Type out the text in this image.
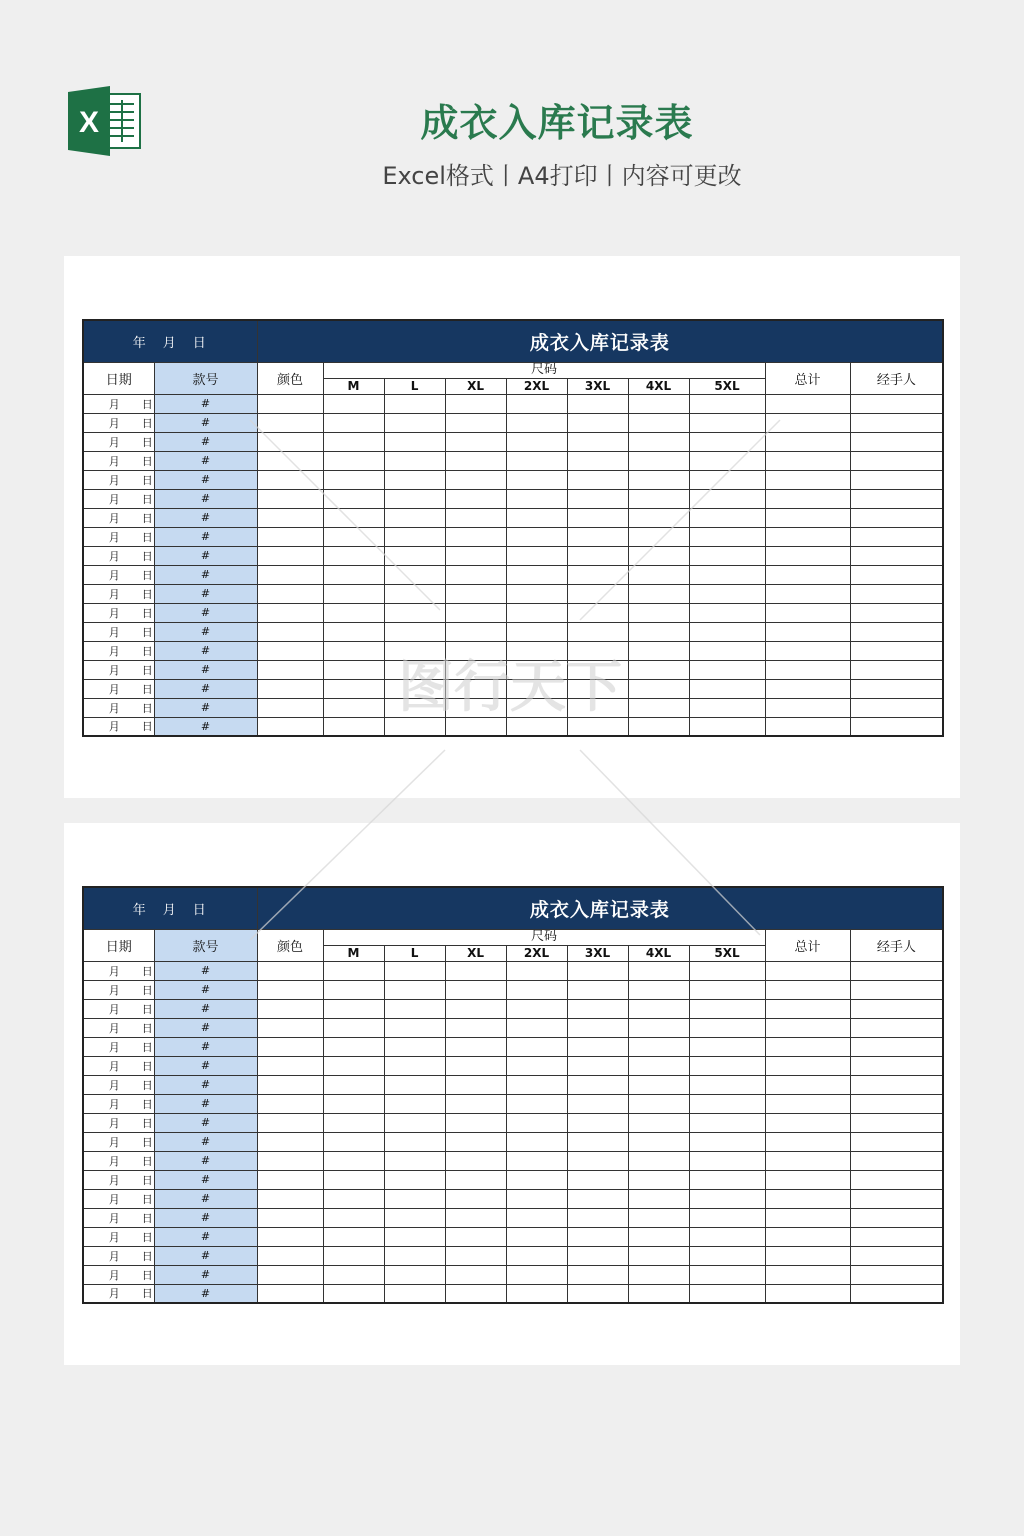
X	成衣入库记录表
Excel格式丨A4打印丨内容可更改
年　月　日		成衣入库记录表									
日期	款号	颜色	尺码							总计	经手人
			M	L	XL	2XL	3XL	4XL	5XL		
月 日	#										
月 日	#										
月 日	#										
月 日	#										
月 日	#										
月 日	#										
月 日	#										
月 日	#										
月 日	#										
月 日	#										
月 日	#										
月 日	#										
月 日	#										
月 日	#										
月 日	#										
月 日	#										
月 日	#										
月 日	#										
年　月　日		成衣入库记录表									
日期	款号	颜色	尺码							总计	经手人
			M	L	XL	2XL	3XL	4XL	5XL		
月 日	#										
月 日	#										
月 日	#										
月 日	#										
月 日	#										
月 日	#										
月 日	#										
月 日	#										
月 日	#										
月 日	#										
月 日	#										
月 日	#										
月 日	#										
月 日	#										
月 日	#										
月 日	#										
月 日	#										
月 日	#										
图行天下
